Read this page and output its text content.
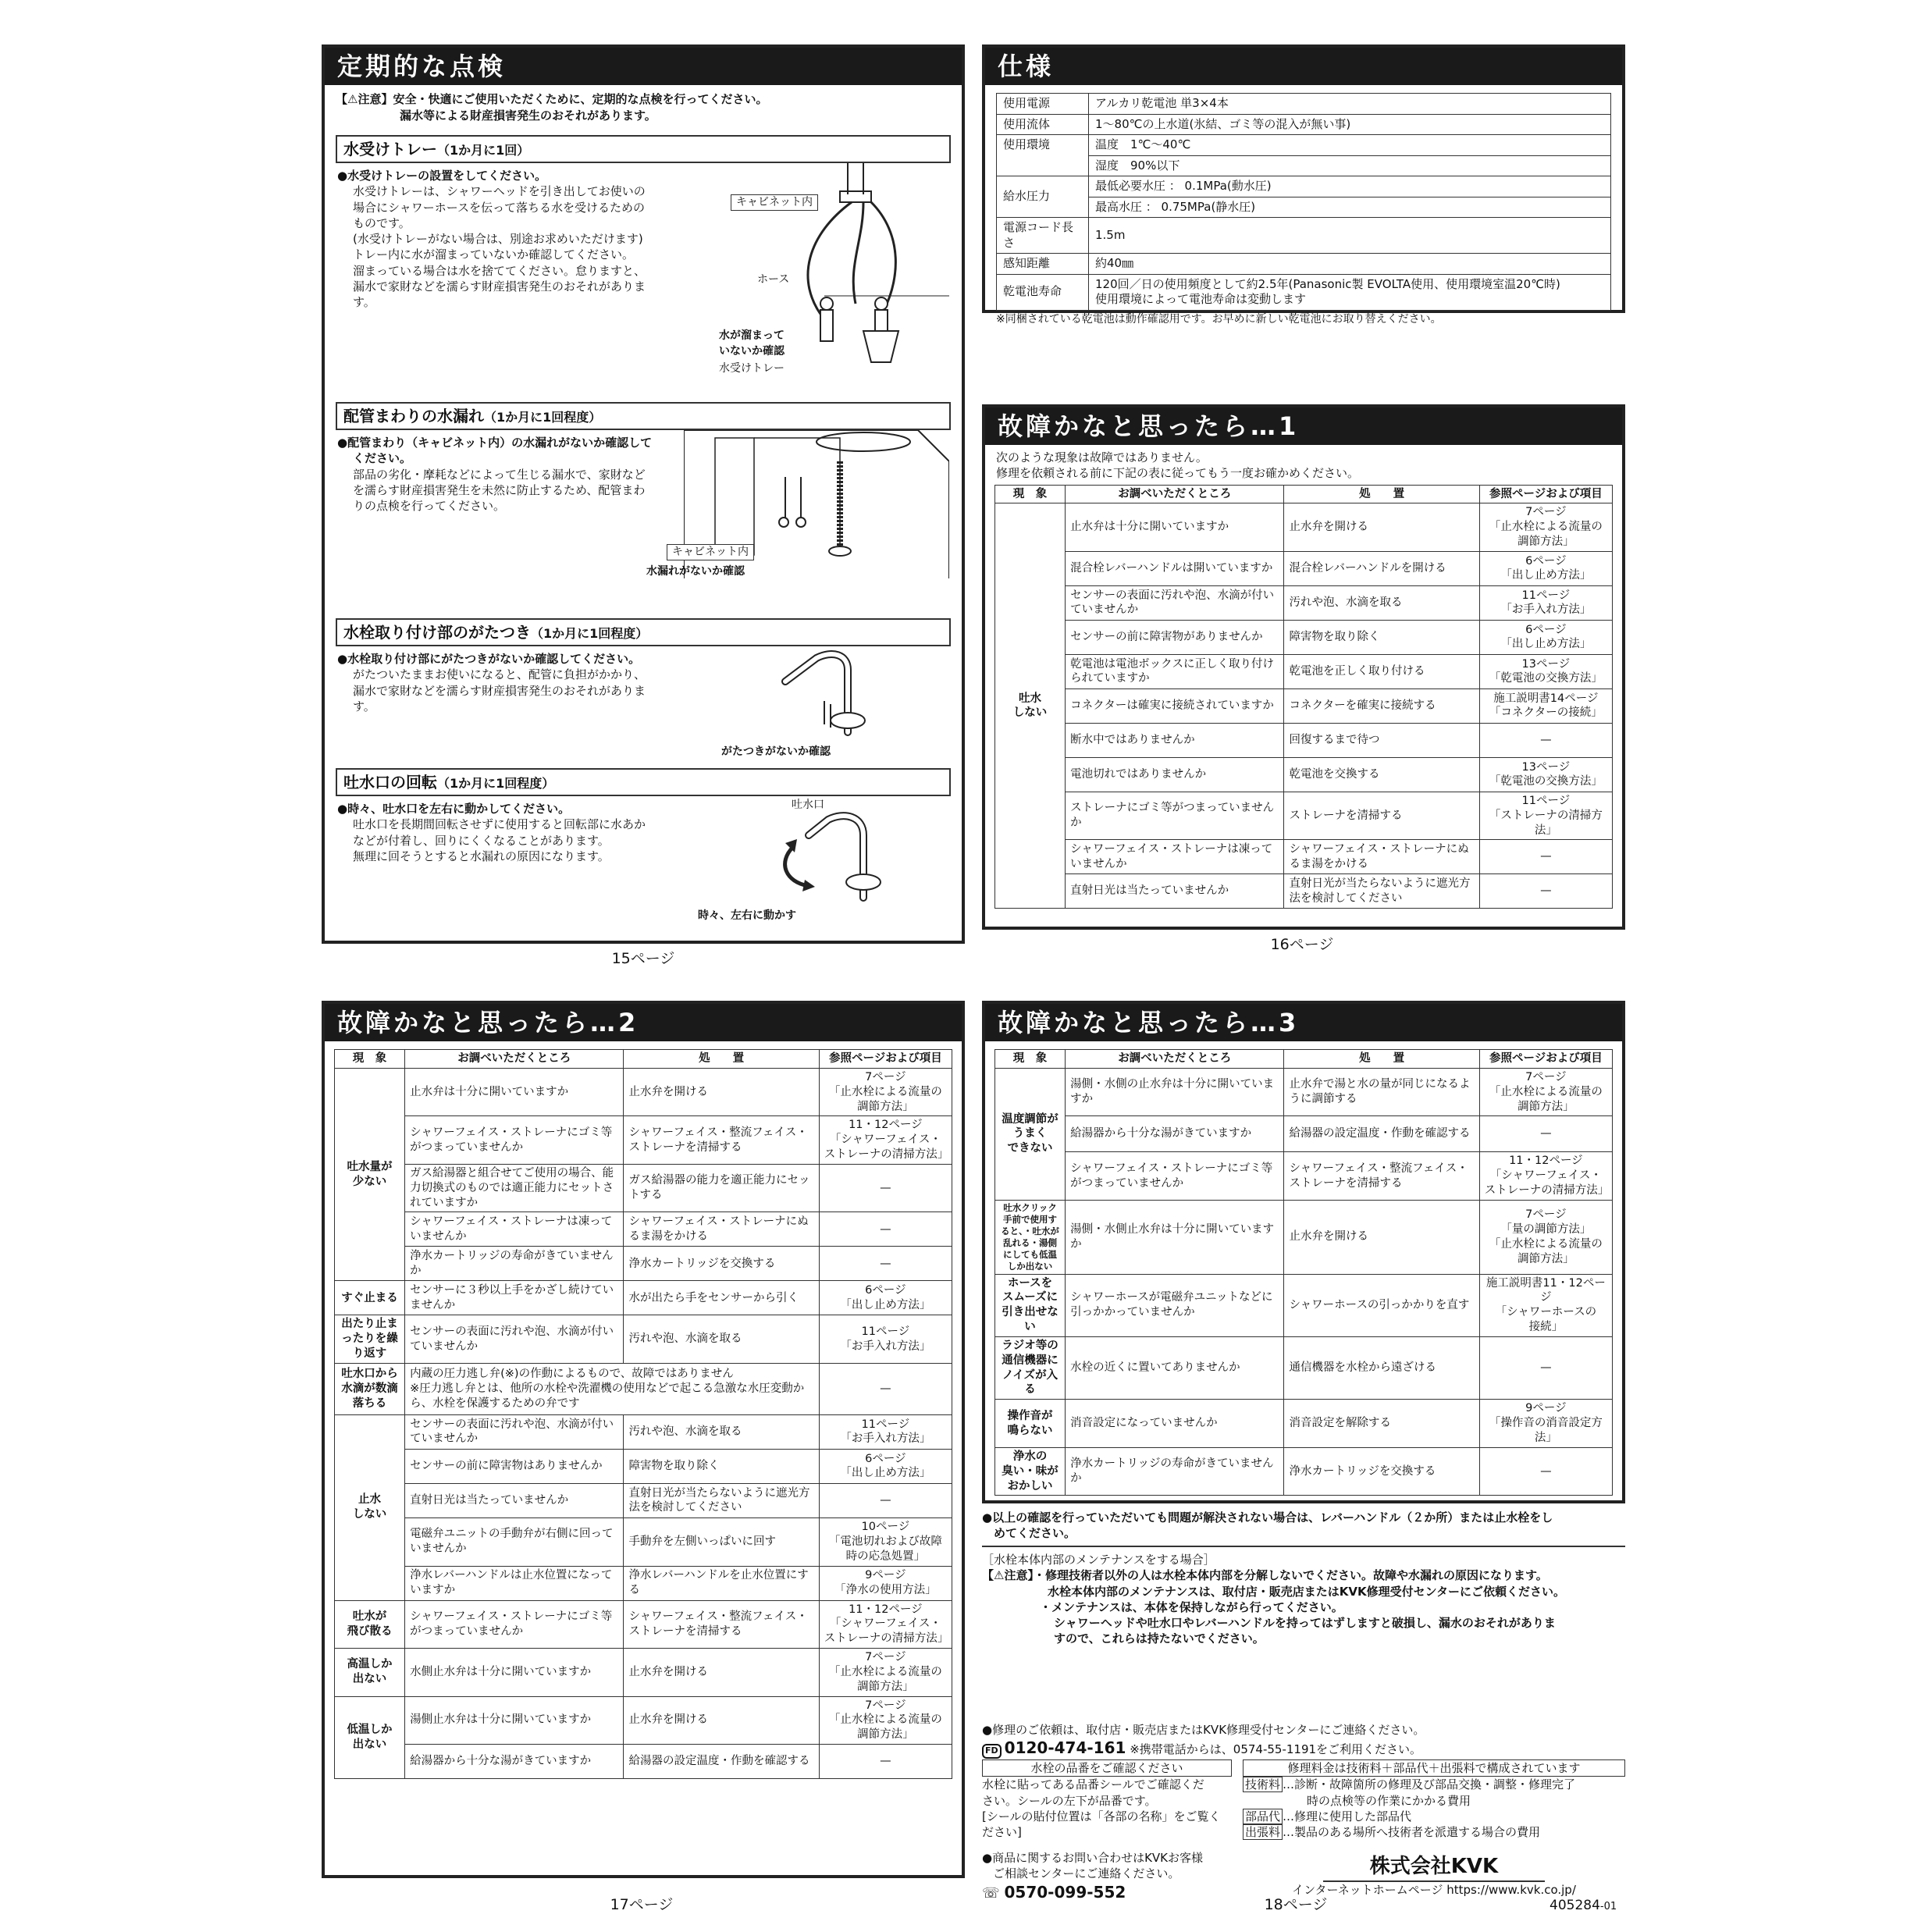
定期的な点検
【⚠注意】安全・快適にご使用いただくために、定期的な点検を行ってください。
漏水等による財産損害発生のおそれがあります。
水受けトレー（1か月に1回）
●水受けトレーの設置をしてください。

水受けトレーは、シャワーヘッドを引き出してお使いの

場合にシャワーホースを伝って落ちる水を受けるための

ものです。

(水受けトレーがない場合は、別途お求めいただけます)

トレー内に水が溜まっていないか確認してください。

溜まっている場合は水を捨ててください。怠りますと、

漏水で家財などを濡らす財産損害発生のおそれがありま

す。

キャビネット内
ホース
水が溜まって
いないか確認
水受けトレー
配管まわりの水漏れ（1か月に1回程度）
●配管まわり（キャビネット内）の水漏れがないか確認して
ください。

部品の劣化・摩耗などによって生じる漏水で、家財など

を濡らす財産損害発生を未然に防止するため、配管まわ

りの点検を行ってください。

キャビネット内
水漏れがないか確認
水栓取り付け部のがたつき（1か月に1回程度）
●水栓取り付け部にがたつきがないか確認してください。

がたついたままお使いになると、配管に負担がかかり、

漏水で家財などを濡らす財産損害発生のおそれがありま

す。

がたつきがないか確認
吐水口の回転（1か月に1回程度）
●時々、吐水口を左右に動かしてください。

吐水口を長期間回転させずに使用すると回転部に水あか

などが付着し、回りにくくなることがあります。

無理に回そうとすると水漏れの原因になります。

吐水口
時々、左右に動かす
15ページ
仕様
使用電源	アルカリ乾電池 単3×4本
使用流体	1～80℃の上水道(氷結、ゴミ等の混入が無い事)
使用環境	温度　1℃～40℃
	湿度　90%以下
給水圧力	最低必要水圧 ： 0.1MPa(動水圧)
	最高水圧 ： 0.75MPa(静水圧)
電源コード長さ	1.5m
感知距離	約40㎜
乾電池寿命	120回／日の使用頻度として約2.5年(Panasonic製 EVOLTA使用、使用環境室温20℃時)
使用環境によって電池寿命は変動します
※同梱されている乾電池は動作確認用です。お早めに新しい乾電池にお取り替えください。
故障かなと思ったら…1
次のような現象は故障ではありません。
修理を依頼される前に下記の表に従ってもう一度お確かめください。
現　象	お調べいただくところ	処　　置	参照ページおよび項目
吐水
しない	止水弁は十分に開いていますか	止水弁を開ける	7ページ
「止水栓による流量の
調節方法」
	混合栓レバーハンドルは開いていますか	混合栓レバーハンドルを開ける	6ページ
「出し止め方法」
	センサーの表面に汚れや泡、水滴が付いていませんか	汚れや泡、水滴を取る	11ページ
「お手入れ方法」
	センサーの前に障害物がありませんか	障害物を取り除く	6ページ
「出し止め方法」
	乾電池は電池ボックスに正しく取り付けられていますか	乾電池を正しく取り付ける	13ページ
「乾電池の交換方法」
	コネクターは確実に接続されていますか	コネクターを確実に接続する	施工説明書14ページ
「コネクターの接続」
	断水中ではありませんか	回復するまで待つ	—
	電池切れではありませんか	乾電池を交換する	13ページ
「乾電池の交換方法」
	ストレーナにゴミ等がつまっていませんか	ストレーナを清掃する	11ページ
「ストレーナの清掃方法」
	シャワーフェイス・ストレーナは凍っていませんか	シャワーフェイス・ストレーナにぬるま湯をかける	—
	直射日光は当たっていませんか	直射日光が当たらないように遮光方法を検討してください	—
16ページ
故障かなと思ったら…2
現　象	お調べいただくところ	処　　置	参照ページおよび項目
吐水量が
少ない	止水弁は十分に開いていますか	止水弁を開ける	7ページ
「止水栓による流量の
調節方法」
	シャワーフェイス・ストレーナにゴミ等がつまっていませんか	シャワーフェイス・整流フェイス・ストレーナを清掃する	11・12ページ
「シャワーフェイス・
ストレーナの清掃方法」
	ガス給湯器と組合せてご使用の場合、能力切換式のものでは適正能力にセットされていますか	ガス給湯器の能力を適正能力にセットする	—
	シャワーフェイス・ストレーナは凍っていませんか	シャワーフェイス・ストレーナにぬるま湯をかける	—
	浄水カートリッジの寿命がきていませんか	浄水カートリッジを交換する	—
すぐ止まる	センサーに３秒以上手をかざし続けていませんか	水が出たら手をセンサーから引く	6ページ
「出し止め方法」
出たり止まったりを繰り返す	センサーの表面に汚れや泡、水滴が付いていませんか	汚れや泡、水滴を取る	11ページ
「お手入れ方法」
吐水口から水滴が数滴落ちる	内蔵の圧力逃し弁(※)の作動によるもので、故障ではありません
※圧力逃し弁とは、他所の水栓や洗濯機の使用などで起こる急激な水圧変動から、水栓を保護するための弁です		—
止水
しない	センサーの表面に汚れや泡、水滴が付いていませんか	汚れや泡、水滴を取る	11ページ
「お手入れ方法」
	センサーの前に障害物はありませんか	障害物を取り除く	6ページ
「出し止め方法」
	直射日光は当たっていませんか	直射日光が当たらないように遮光方法を検討してください	—
	電磁弁ユニットの手動弁が右側に回っていませんか	手動弁を左側いっぱいに回す	10ページ
「電池切れおよび故障
時の応急処置」
	浄水レバーハンドルは止水位置になっていますか	浄水レバーハンドルを止水位置にする	9ページ
「浄水の使用方法」
吐水が
飛び散る	シャワーフェイス・ストレーナにゴミ等がつまっていませんか	シャワーフェイス・整流フェイス・ストレーナを清掃する	11・12ページ
「シャワーフェイス・
ストレーナの清掃方法」
高温しか
出ない	水側止水弁は十分に開いていますか	止水弁を開ける	7ページ
「止水栓による流量の
調節方法」
低温しか
出ない	湯側止水弁は十分に開いていますか	止水弁を開ける	7ページ
「止水栓による流量の
調節方法」
	給湯器から十分な湯がきていますか	給湯器の設定温度・作動を確認する	—
17ページ
故障かなと思ったら…3
現　象	お調べいただくところ	処　　置	参照ページおよび項目
温度調節が
うまく
できない	湯側・水側の止水弁は十分に開いていますか	止水弁で湯と水の量が同じになるように調節する	7ページ
「止水栓による流量の
調節方法」
	給湯器から十分な湯がきていますか	給湯器の設定温度・作動を確認する	—
	シャワーフェイス・ストレーナにゴミ等がつまっていませんか	シャワーフェイス・整流フェイス・ストレーナを清掃する	11・12ページ
「シャワーフェイス・
ストレーナの清掃方法」
吐水クリック手前で使用すると、・吐水が乱れる・湯側にしても低温しか出ない	湯側・水側止水弁は十分に開いていますか	止水弁を開ける	7ページ
「量の調節方法」
「止水栓による流量の
調節方法」
ホースを
スムーズに
引き出せない	シャワーホースが電磁弁ユニットなどに引っかかっていませんか	シャワーホースの引っかかりを直す	施工説明書11・12ページ
「シャワーホースの
接続」
ラジオ等の
通信機器に
ノイズが入る	水栓の近くに置いてありませんか	通信機器を水栓から遠ざける	—
操作音が
鳴らない	消音設定になっていませんか	消音設定を解除する	9ページ
「操作音の消音設定方法」
浄水の
臭い・味が
おかしい	浄水カートリッジの寿命がきていませんか	浄水カートリッジを交換する	—
●以上の確認を行っていただいても問題が解決されない場合は、レバーハンドル（２か所）または止水栓をし
　めてください。
［水栓本体内部のメンテナンスをする場合］
【⚠注意】・修理技術者以外の人は水栓本体内部を分解しないでください。故障や水漏れの原因になります。
水栓本体内部のメンテナンスは、取付店・販売店またはKVK修理受付センターにご依頼ください。
・メンテナンスは、本体を保持しながら行ってください。
シャワーヘッドや吐水口やレバーハンドルを持ってはずしますと破損し、漏水のおそれがありま
すので、これらは持たないでください。
●修理のご依頼は、取付店・販売店またはKVK修理受付センターにご連絡ください。
FD 0120-474-161 ※携帯電話からは、0574-55-1191をご利用ください。
水栓の品番をご確認ください
水栓に貼ってある品番シールでご確認くだ
さい。シールの左下が品番です。
[シールの貼付位置は「各部の名称」をご覧く
ださい]
修理料金は技術料＋部品代＋出張料で構成されています
技術料 …診断・故障箇所の修理及び部品交換・調整・修理完了
時の点検等の作業にかかる費用
部品代 …修理に使用した部品代
出張料 …製品のある場所へ技術者を派遣する場合の費用
●商品に関するお問い合わせはKVKお客様
ご相談センターにご連絡ください。
☏ 0570-099-552
株式会社KVK
インターネットホームページ https://www.kvk.co.jp/
18ページ	405284-01
